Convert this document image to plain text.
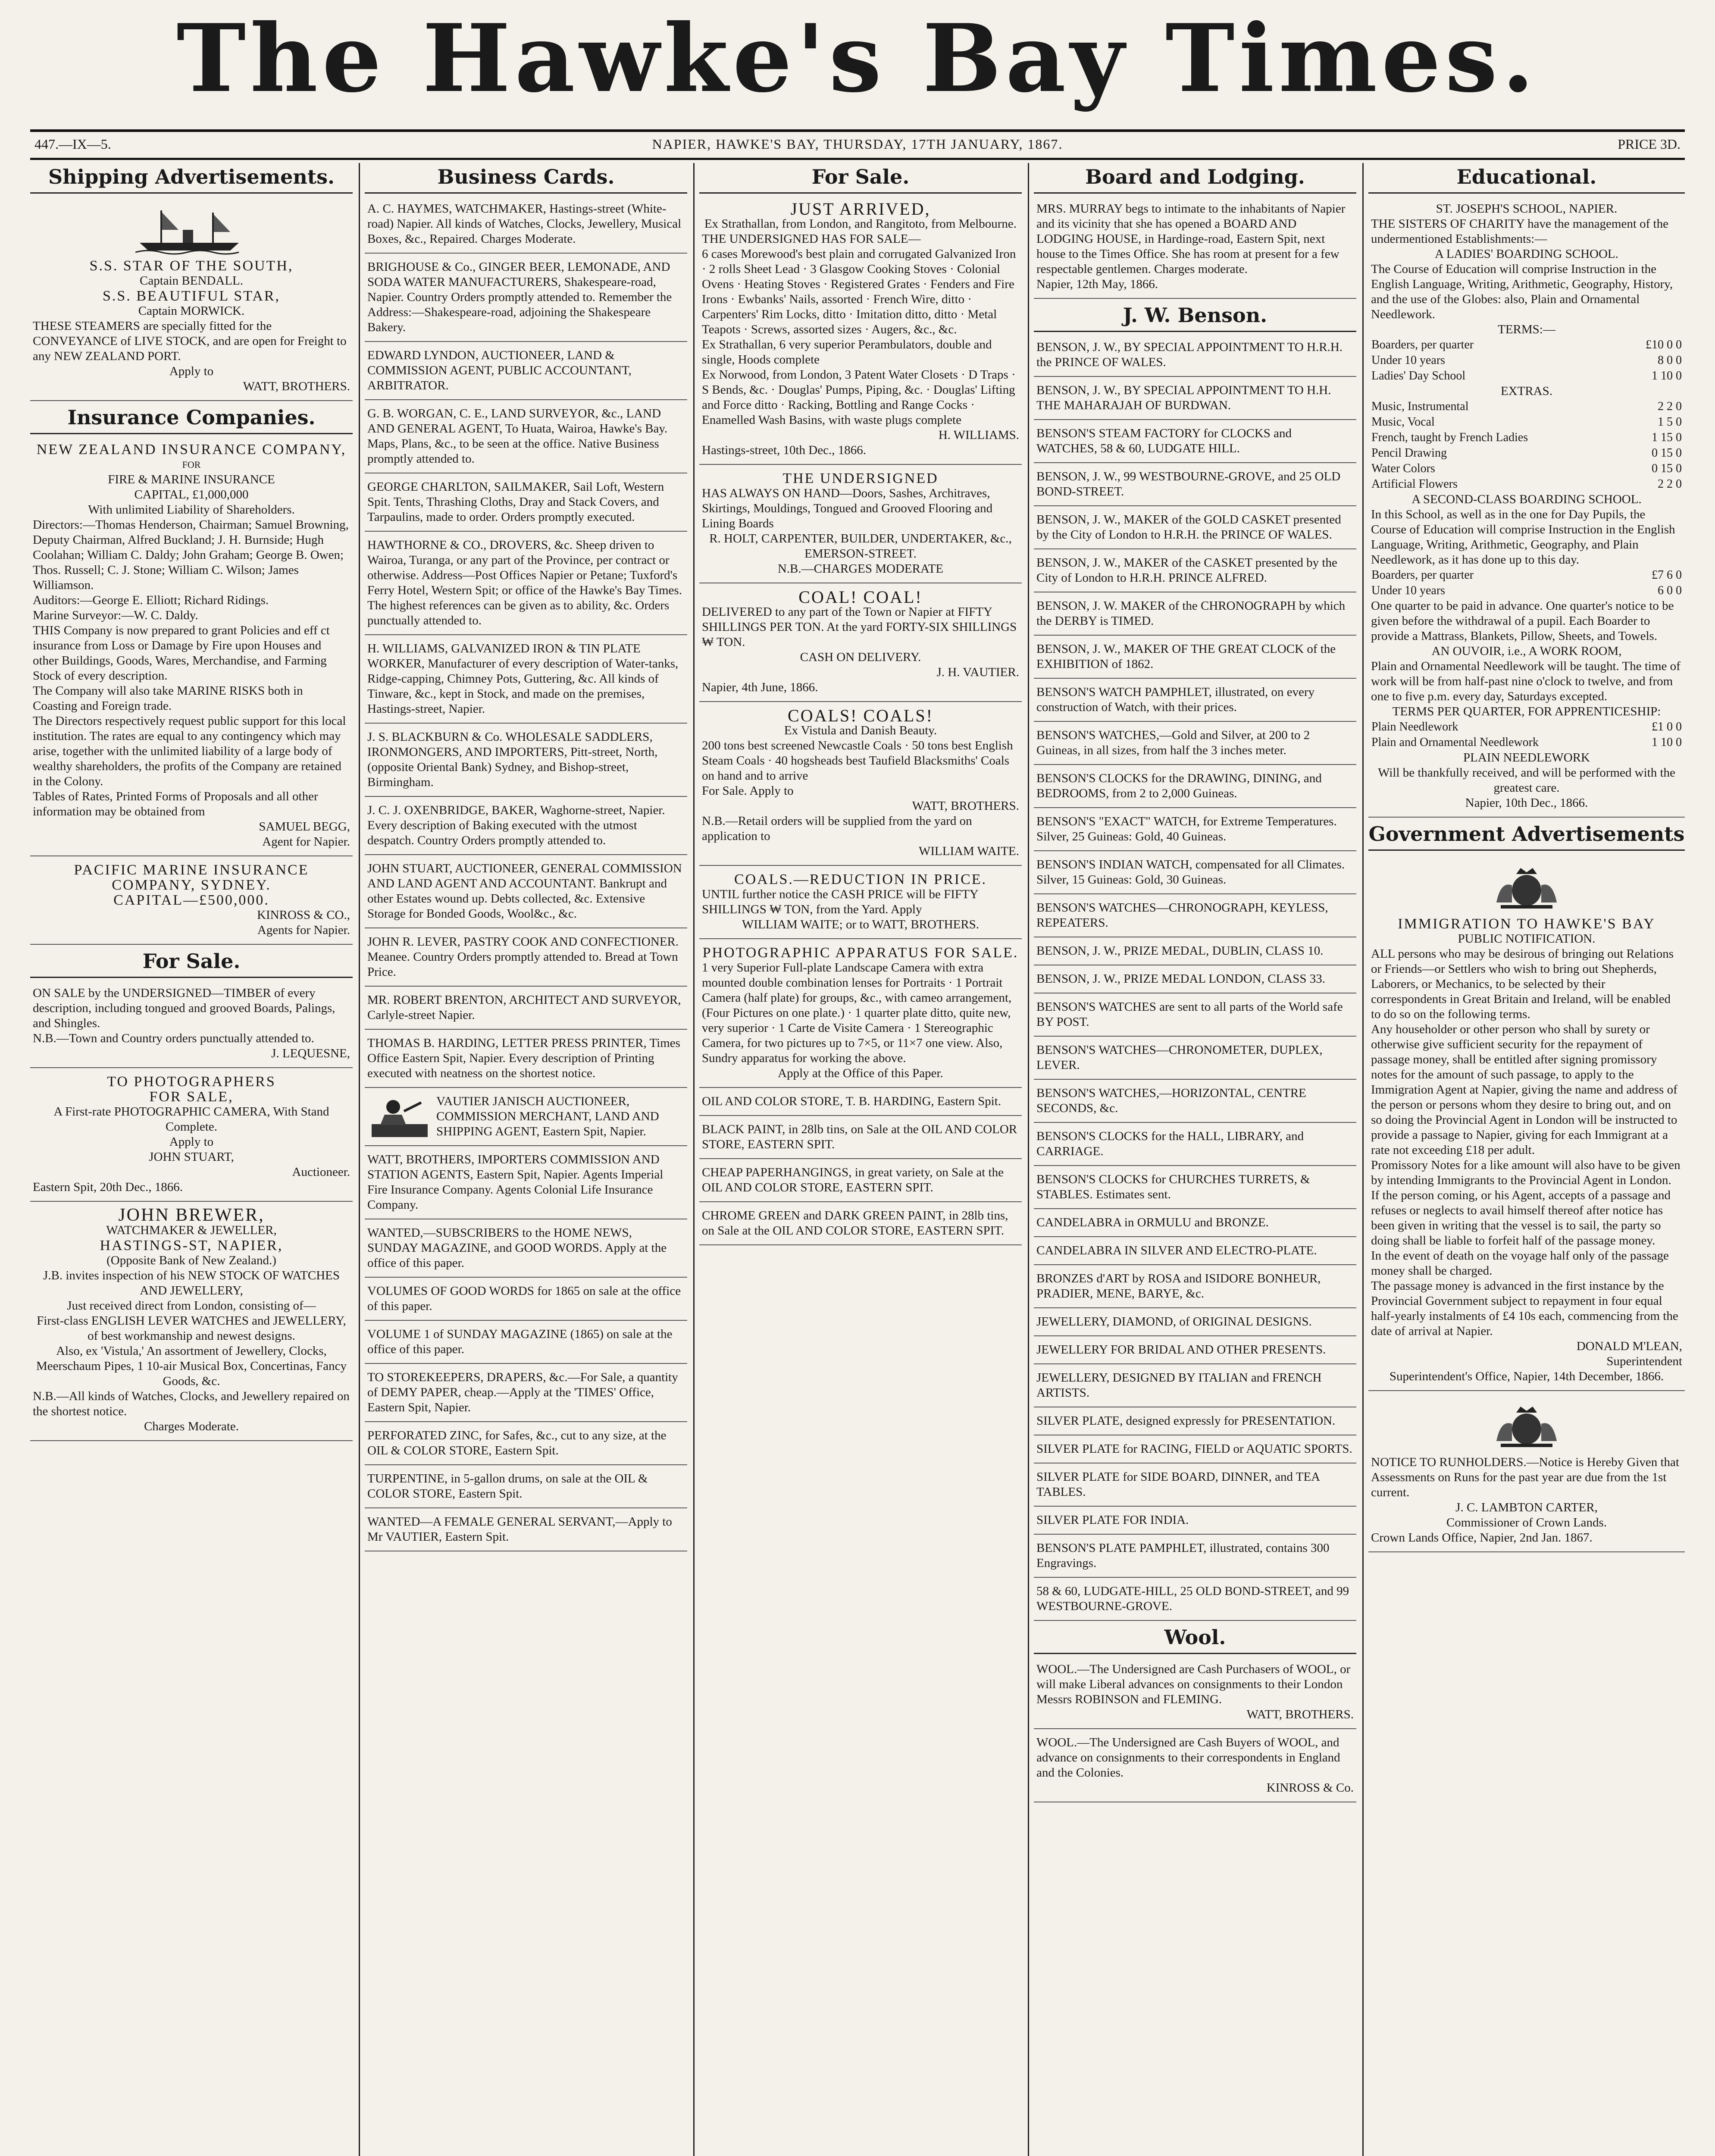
The Hawke's Bay Times.
447.—IX—5.	NAPIER, HAWKE'S BAY, THURSDAY, 17TH JANUARY, 1867.	PRICE 3D.
Shipping Advertisements.

S.S. STAR OF THE SOUTH,

Captain BENDALL.

S.S. BEAUTIFUL STAR,

Captain MORWICK.

THESE STEAMERS are specially fitted for the CONVEYANCE of LIVE STOCK, and are open for Freight to any NEW ZEALAND PORT.

Apply to

WATT, BROTHERS.

Insurance Companies.

NEW ZEALAND INSURANCE COMPANY,

FOR

FIRE & MARINE INSURANCE

CAPITAL, £1,000,000

With unlimited Liability of Shareholders.

Directors:—Thomas Henderson, Chairman; Samuel Browning, Deputy Chairman, Alfred Buckland; J. H. Burnside; Hugh Coolahan; William C. Daldy; John Graham; George B. Owen; Thos. Russell; C. J. Stone; William C. Wilson; James Williamson.

Auditors:—George E. Elliott; Richard Ridings.

Marine Surveyor:—W. C. Daldy.

THIS Company is now prepared to grant Policies and eff ct insurance from Loss or Damage by Fire upon Houses and other Buildings, Goods, Wares, Merchandise, and Farming Stock of every description.

The Company will also take MARINE RISKS both in Coasting and Foreign trade.

The Directors respectively request public support for this local institution. The rates are equal to any contingency which may arise, together with the unlimited liability of a large body of wealthy shareholders, the profits of the Company are retained in the Colony.

Tables of Rates, Printed Forms of Proposals and all other information may be obtained from

SAMUEL BEGG,

Agent for Napier.

PACIFIC MARINE INSURANCE COMPANY, SYDNEY.

CAPITAL—£500,000.

KINROSS & CO.,

Agents for Napier.

For Sale.

ON SALE by the UNDERSIGNED—TIMBER of every description, including tongued and grooved Boards, Palings, and Shingles.

N.B.—Town and Country orders punctually attended to.

J. LEQUESNE,

TO PHOTOGRAPHERS

FOR SALE,

A First-rate PHOTOGRAPHIC CAMERA, With Stand Complete.

Apply to

JOHN STUART,

Auctioneer.

Eastern Spit, 20th Dec., 1866.

JOHN BREWER,

WATCHMAKER & JEWELLER,

HASTINGS-ST, NAPIER,

(Opposite Bank of New Zealand.)

J.B. invites inspection of his NEW STOCK OF WATCHES AND JEWELLERY,

Just received direct from London, consisting of—

First-class ENGLISH LEVER WATCHES and JEWELLERY,

of best workmanship and newest designs.

Also, ex 'Vistula,' An assortment of Jewellery, Clocks, Meerschaum Pipes, 1 10-air Musical Box, Concertinas, Fancy Goods, &c.

N.B.—All kinds of Watches, Clocks, and Jewellery repaired on the shortest notice.

Charges Moderate.

Business Cards.

A. C. HAYMES, WATCHMAKER, Hastings-street (White-road) Napier. All kinds of Watches, Clocks, Jewellery, Musical Boxes, &c., Repaired. Charges Moderate.

BRIGHOUSE & Co., GINGER BEER, LEMONADE, AND SODA WATER MANUFACTURERS, Shakespeare-road, Napier. Country Orders promptly attended to. Remember the Address:—Shakespeare-road, adjoining the Shakespeare Bakery.

EDWARD LYNDON, AUCTIONEER, LAND & COMMISSION AGENT, PUBLIC ACCOUNTANT, ARBITRATOR.

G. B. WORGAN, C. E., LAND SURVEYOR, &c., LAND AND GENERAL AGENT, To Huata, Wairoa, Hawke's Bay. Maps, Plans, &c., to be seen at the office. Native Business promptly attended to.

GEORGE CHARLTON, SAILMAKER, Sail Loft, Western Spit. Tents, Thrashing Cloths, Dray and Stack Covers, and Tarpaulins, made to order. Orders promptly executed.

HAWTHORNE & CO., DROVERS, &c. Sheep driven to Wairoa, Turanga, or any part of the Province, per contract or otherwise. Address—Post Offices Napier or Petane; Tuxford's Ferry Hotel, Western Spit; or office of the Hawke's Bay Times. The highest references can be given as to ability, &c. Orders punctually attended to.

H. WILLIAMS, GALVANIZED IRON & TIN PLATE WORKER, Manufacturer of every description of Water-tanks, Ridge-capping, Chimney Pots, Guttering, &c. All kinds of Tinware, &c., kept in Stock, and made on the premises, Hastings-street, Napier.

J. S. BLACKBURN & Co. WHOLESALE SADDLERS, IRONMONGERS, AND IMPORTERS, Pitt-street, North, (opposite Oriental Bank) Sydney, and Bishop-street, Birmingham.

J. C. J. OXENBRIDGE, BAKER, Waghorne-street, Napier. Every description of Baking executed with the utmost despatch. Country Orders promptly attended to.

JOHN STUART, AUCTIONEER, GENERAL COMMISSION AND LAND AGENT AND ACCOUNTANT. Bankrupt and other Estates wound up. Debts collected, &c. Extensive Storage for Bonded Goods, Wool&c., &c.

JOHN R. LEVER, PASTRY COOK AND CONFECTIONER. Meanee. Country Orders promptly attended to. Bread at Town Price.

MR. ROBERT BRENTON, ARCHITECT AND SURVEYOR, Carlyle-street Napier.

THOMAS B. HARDING, LETTER PRESS PRINTER, Times Office Eastern Spit, Napier. Every description of Printing executed with neatness on the shortest notice.

VAUTIER JANISCH AUCTIONEER, COMMISSION MERCHANT, LAND AND SHIPPING AGENT, Eastern Spit, Napier.

WATT, BROTHERS, IMPORTERS COMMISSION AND STATION AGENTS, Eastern Spit, Napier. Agents Imperial Fire Insurance Company. Agents Colonial Life Insurance Company.

WANTED,—SUBSCRIBERS to the HOME NEWS, SUNDAY MAGAZINE, and GOOD WORDS. Apply at the office of this paper.

VOLUMES OF GOOD WORDS for 1865 on sale at the office of this paper.

VOLUME 1 of SUNDAY MAGAZINE (1865) on sale at the office of this paper.

TO STOREKEEPERS, DRAPERS, &c.—For Sale, a quantity of DEMY PAPER, cheap.—Apply at the 'TIMES' Office, Eastern Spit, Napier.

PERFORATED ZINC, for Safes, &c., cut to any size, at the OIL & COLOR STORE, Eastern Spit.

TURPENTINE, in 5-gallon drums, on sale at the OIL & COLOR STORE, Eastern Spit.

WANTED—A FEMALE GENERAL SERVANT,—Apply to Mr VAUTIER, Eastern Spit.

For Sale.

JUST ARRIVED,

Ex Strathallan, from London, and Rangitoto, from Melbourne.

THE UNDERSIGNED HAS FOR SALE—

6 cases Morewood's best plain and corrugated Galvanized Iron · 2 rolls Sheet Lead · 3 Glasgow Cooking Stoves · Colonial Ovens · Heating Stoves · Registered Grates · Fenders and Fire Irons · Ewbanks' Nails, assorted · French Wire, ditto · Carpenters' Rim Locks, ditto · Imitation ditto, ditto · Metal Teapots · Screws, assorted sizes · Augers, &c., &c.

Ex Strathallan, 6 very superior Perambulators, double and single, Hoods complete

Ex Norwood, from London, 3 Patent Water Closets · D Traps · S Bends, &c. · Douglas' Pumps, Piping, &c. · Douglas' Lifting and Force ditto · Racking, Bottling and Range Cocks · Enamelled Wash Basins, with waste plugs complete

H. WILLIAMS.

Hastings-street, 10th Dec., 1866.

THE UNDERSIGNED

HAS ALWAYS ON HAND—Doors, Sashes, Architraves, Skirtings, Mouldings, Tongued and Grooved Flooring and Lining Boards

R. HOLT, CARPENTER, BUILDER, UNDERTAKER, &c., EMERSON-STREET.

N.B.—CHARGES MODERATE

COAL! COAL!

DELIVERED to any part of the Town or Napier at FIFTY SHILLINGS PER TON. At the yard FORTY-SIX SHILLINGS ₩ TON.

CASH ON DELIVERY.

J. H. VAUTIER.

Napier, 4th June, 1866.

COALS! COALS!

Ex Vistula and Danish Beauty.

200 tons best screened Newcastle Coals · 50 tons best English Steam Coals · 40 hogsheads best Taufield Blacksmiths' Coals on hand and to arrive

For Sale. Apply to

WATT, BROTHERS.

N.B.—Retail orders will be supplied from the yard on application to

WILLIAM WAITE.

COALS.—REDUCTION IN PRICE.

UNTIL further notice the CASH PRICE will be FIFTY SHILLINGS ₩ TON, from the Yard. Apply

WILLIAM WAITE; or to WATT, BROTHERS.

PHOTOGRAPHIC APPARATUS FOR SALE.

1 very Superior Full-plate Landscape Camera with extra mounted double combination lenses for Portraits · 1 Portrait Camera (half plate) for groups, &c., with cameo arrangement, (Four Pictures on one plate.) · 1 quarter plate ditto, quite new, very superior · 1 Carte de Visite Camera · 1 Stereographic Camera, for two pictures up to 7×5, or 11×7 one view. Also, Sundry apparatus for working the above.

Apply at the Office of this Paper.

OIL AND COLOR STORE, T. B. HARDING, Eastern Spit.

BLACK PAINT, in 28lb tins, on Sale at the OIL AND COLOR STORE, EASTERN SPIT.

CHEAP PAPERHANGINGS, in great variety, on Sale at the OIL AND COLOR STORE, EASTERN SPIT.

CHROME GREEN and DARK GREEN PAINT, in 28lb tins, on Sale at the OIL AND COLOR STORE, EASTERN SPIT.

Board and Lodging.

MRS. MURRAY begs to intimate to the inhabitants of Napier and its vicinity that she has opened a BOARD AND LODGING HOUSE, in Hardinge-road, Eastern Spit, next house to the Times Office. She has room at present for a few respectable gentlemen. Charges moderate.

Napier, 12th May, 1866.

J. W. Benson.

BENSON, J. W., BY SPECIAL APPOINTMENT TO H.R.H. the PRINCE OF WALES.

BENSON, J. W., BY SPECIAL APPOINTMENT TO H.H. THE MAHARAJAH OF BURDWAN.

BENSON'S STEAM FACTORY for CLOCKS and WATCHES, 58 & 60, LUDGATE HILL.

BENSON, J. W., 99 WESTBOURNE-GROVE, and 25 OLD BOND-STREET.

BENSON, J. W., MAKER of the GOLD CASKET presented by the City of London to H.R.H. the PRINCE OF WALES.

BENSON, J. W., MAKER of the CASKET presented by the City of London to H.R.H. PRINCE ALFRED.

BENSON, J. W. MAKER of the CHRONOGRAPH by which the DERBY is TIMED.

BENSON, J. W., MAKER OF THE GREAT CLOCK of the EXHIBITION of 1862.

BENSON'S WATCH PAMPHLET, illustrated, on every construction of Watch, with their prices.

BENSON'S WATCHES,—Gold and Silver, at 200 to 2 Guineas, in all sizes, from half the 3 inches meter.

BENSON'S CLOCKS for the DRAWING, DINING, and BEDROOMS, from 2 to 2,000 Guineas.

BENSON'S "EXACT" WATCH, for Extreme Temperatures. Silver, 25 Guineas: Gold, 40 Guineas.

BENSON'S INDIAN WATCH, compensated for all Climates. Silver, 15 Guineas: Gold, 30 Guineas.

BENSON'S WATCHES—CHRONOGRAPH, KEYLESS, REPEATERS.

BENSON, J. W., PRIZE MEDAL, DUBLIN, CLASS 10.

BENSON, J. W., PRIZE MEDAL LONDON, CLASS 33.

BENSON'S WATCHES are sent to all parts of the World safe BY POST.

BENSON'S WATCHES—CHRONOMETER, DUPLEX, LEVER.

BENSON'S WATCHES,—HORIZONTAL, CENTRE SECONDS, &c.

BENSON'S CLOCKS for the HALL, LIBRARY, and CARRIAGE.

BENSON'S CLOCKS for CHURCHES TURRETS, & STABLES. Estimates sent.

CANDELABRA in ORMULU and BRONZE.

CANDELABRA IN SILVER AND ELECTRO-PLATE.

BRONZES d'ART by ROSA and ISIDORE BONHEUR, PRADIER, MENE, BARYE, &c.

JEWELLERY, DIAMOND, of ORIGINAL DESIGNS.

JEWELLERY FOR BRIDAL AND OTHER PRESENTS.

JEWELLERY, DESIGNED BY ITALIAN and FRENCH ARTISTS.

SILVER PLATE, designed expressly for PRESENTATION.

SILVER PLATE for RACING, FIELD or AQUATIC SPORTS.

SILVER PLATE for SIDE BOARD, DINNER, and TEA TABLES.

SILVER PLATE FOR INDIA.

BENSON'S PLATE PAMPHLET, illustrated, contains 300 Engravings.

58 & 60, LUDGATE-HILL, 25 OLD BOND-STREET, and 99 WESTBOURNE-GROVE.

Wool.

WOOL.—The Undersigned are Cash Purchasers of WOOL, or will make Liberal advances on consignments to their London Messrs ROBINSON and FLEMING.

WATT, BROTHERS.

WOOL.—The Undersigned are Cash Buyers of WOOL, and advance on consignments to their correspondents in England and the Colonies.

KINROSS & Co.

Educational.

ST. JOSEPH'S SCHOOL, NAPIER.

THE SISTERS OF CHARITY have the management of the undermentioned Establishments:—

A LADIES' BOARDING SCHOOL.

The Course of Education will comprise Instruction in the English Language, Writing, Arithmetic, Geography, History, and the use of the Globes: also, Plain and Ornamental Needlework.

TERMS:—

Boarders, per quarter	£10 0 0
Under 10 years	8 0 0
Ladies' Day School	1 10 0

EXTRAS.

Music, Instrumental	2 2 0
Music, Vocal	1 5 0
French, taught by French Ladies	1 15 0
Pencil Drawing	0 15 0
Water Colors	0 15 0
Artificial Flowers	2 2 0

A SECOND-CLASS BOARDING SCHOOL.

In this School, as well as in the one for Day Pupils, the Course of Education will comprise Instruction in the English Language, Writing, Arithmetic, Geography, and Plain Needlework, as it has done up to this day.

Boarders, per quarter	£7 6 0
Under 10 years	6 0 0

One quarter to be paid in advance. One quarter's notice to be given before the withdrawal of a pupil. Each Boarder to provide a Mattrass, Blankets, Pillow, Sheets, and Towels.

AN OUVOIR, i.e., A WORK ROOM,

Plain and Ornamental Needlework will be taught. The time of work will be from half-past nine o'clock to twelve, and from one to five p.m. every day, Saturdays excepted.

TERMS PER QUARTER, FOR APPRENTICESHIP:

Plain Needlework	£1 0 0
Plain and Ornamental Needlework	1 10 0

PLAIN NEEDLEWORK

Will be thankfully received, and will be performed with the greatest care.

Napier, 10th Dec., 1866.

Government Advertisements

IMMIGRATION TO HAWKE'S BAY

PUBLIC NOTIFICATION.

ALL persons who may be desirous of bringing out Relations or Friends—or Settlers who wish to bring out Shepherds, Laborers, or Mechanics, to be selected by their correspondents in Great Britain and Ireland, will be enabled to do so on the following terms.

Any householder or other person who shall by surety or otherwise give sufficient security for the repayment of passage money, shall be entitled after signing promissory notes for the amount of such passage, to apply to the Immigration Agent at Napier, giving the name and address of the person or persons whom they desire to bring out, and on so doing the Provincial Agent in London will be instructed to provide a passage to Napier, giving for each Immigrant at a rate not exceeding £18 per adult.

Promissory Notes for a like amount will also have to be given by intending Immigrants to the Provincial Agent in London.

If the person coming, or his Agent, accepts of a passage and refuses or neglects to avail himself thereof after notice has been given in writing that the vessel is to sail, the party so doing shall be liable to forfeit half of the passage money.

In the event of death on the voyage half only of the passage money shall be charged.

The passage money is advanced in the first instance by the Provincial Government subject to repayment in four equal half-yearly instalments of £4 10s each, commencing from the date of arrival at Napier.

DONALD M'LEAN,

Superintendent

Superintendent's Office, Napier, 14th December, 1866.

NOTICE TO RUNHOLDERS.—Notice is Hereby Given that Assessments on Runs for the past year are due from the 1st current.

J. C. LAMBTON CARTER,

Commissioner of Crown Lands.

Crown Lands Office, Napier, 2nd Jan. 1867.
